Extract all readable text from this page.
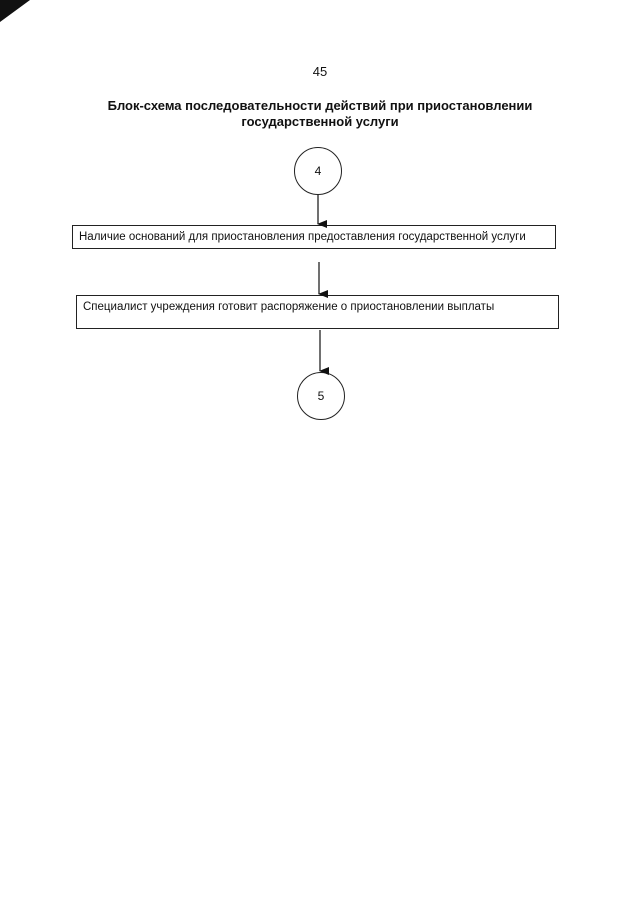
45
Блок-схема последовательности действий при приостановлении государственной услуги
4
Наличие оснований для приостановления предоставления государственной услуги
Специалист учреждения готовит распоряжение о приостановлении выплаты
5
